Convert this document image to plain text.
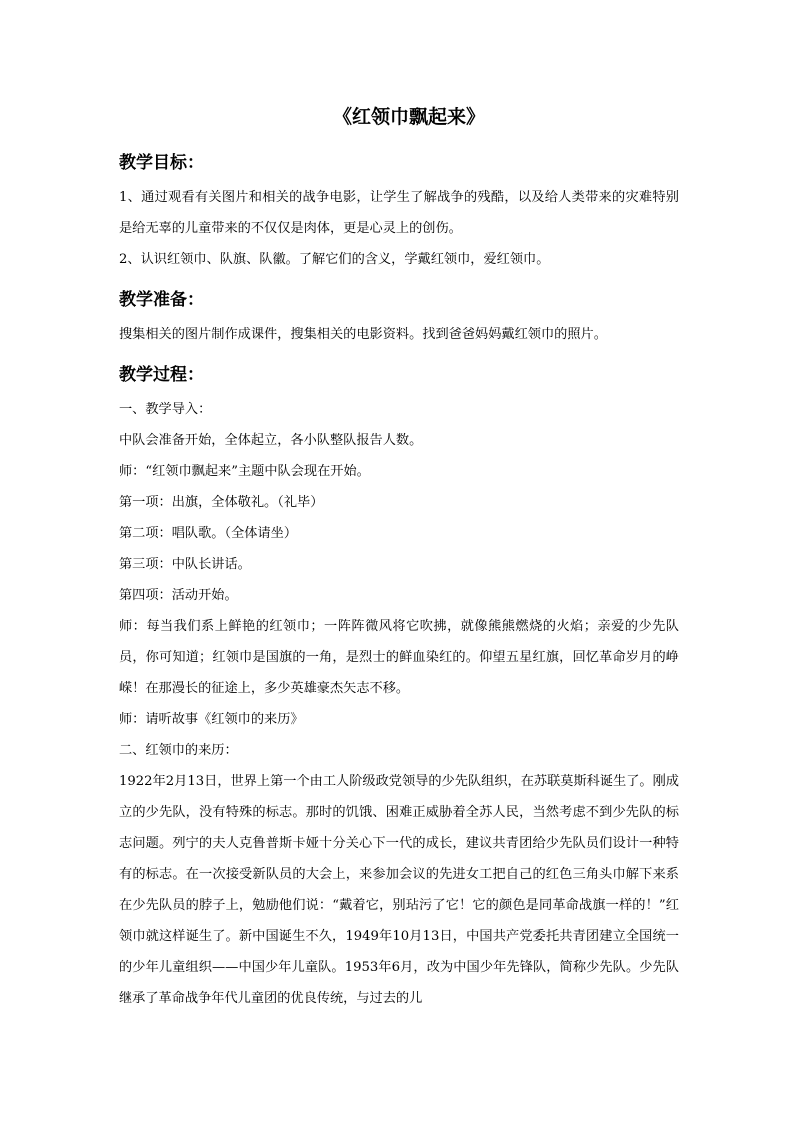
《红领巾飘起来》
教学目标：

1、通过观看有关图片和相关的战争电影，让学生了解战争的残酷，以及给人类带来的灾难特别是给无辜的儿童带来的不仅仅是肉体，更是心灵上的创伤。

2、认识红领巾、队旗、队徽。了解它们的含义，学戴红领巾，爱红领巾。

教学准备：

搜集相关的图片制作成课件，搜集相关的电影资料。找到爸爸妈妈戴红领巾的照片。

教学过程：

一、教学导入：

中队会准备开始，全体起立，各小队整队报告人数。

师：“红领巾飘起来”主题中队会现在开始。

第一项：出旗，全体敬礼。（礼毕）

第二项：唱队歌。（全体请坐）

第三项：中队长讲话。

第四项：活动开始。

师：每当我们系上鲜艳的红领巾；一阵阵微风将它吹拂，就像熊熊燃烧的火焰；亲爱的少先队员，你可知道；红领巾是国旗的一角，是烈士的鲜血染红的。仰望五星红旗，回忆革命岁月的峥嵘！在那漫长的征途上，多少英雄豪杰矢志不移。

师：请听故事《红领巾的来历》

二、红领巾的来历：

1922年2月13日，世界上第一个由工人阶级政党领导的少先队组织，在苏联莫斯科诞生了。刚成立的少先队，没有特殊的标志。那时的饥饿、困难正威胁着全苏人民，当然考虑不到少先队的标志问题。列宁的夫人克鲁普斯卡娅十分关心下一代的成长，建议共青团给少先队员们设计一种特有的标志。在一次接受新队员的大会上，来参加会议的先进女工把自己的红色三角头巾解下来系在少先队员的脖子上，勉励他们说：“戴着它，别玷污了它！它的颜色是同革命战旗一样的！”红领巾就这样诞生了。新中国诞生不久，1949年10月13日，中国共产党委托共青团建立全国统一的少年儿童组织——中国少年儿童队。1953年6月，改为中国少年先锋队，简称少先队。少先队继承了革命战争年代儿童团的优良传统，与过去的儿
